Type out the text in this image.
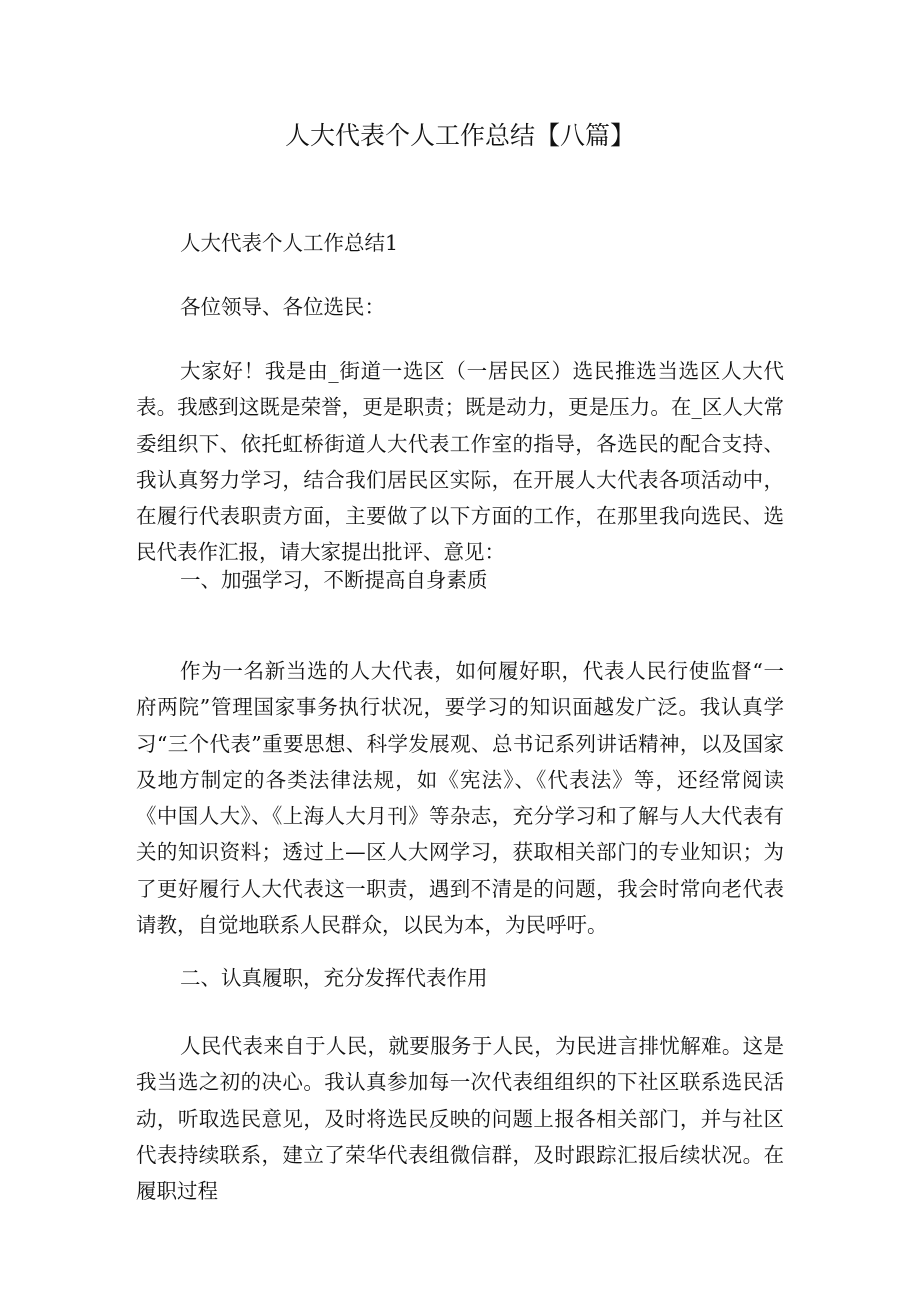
人大代表个人工作总结【八篇】

人大代表个人工作总结1

各位领导、各位选民：

大家好！我是由_街道一选区（一居民区）选民推选当选区人大代表。我感到这既是荣誉，更是职责；既是动力，更是压力。在_区人大常委组织下、依托虹桥街道人大代表工作室的指导，各选民的配合支持、我认真努力学习，结合我们居民区实际，在开展人大代表各项活动中，在履行代表职责方面，主要做了以下方面的工作，在那里我向选民、选民代表作汇报，请大家提出批评、意见：

一、加强学习，不断提高自身素质

作为一名新当选的人大代表，如何履好职，代表人民行使监督“一府两院”管理国家事务执行状况，要学习的知识面越发广泛。我认真学习“三个代表”重要思想、科学发展观、总书记系列讲话精神，以及国家及地方制定的各类法律法规，如《宪法》、《代表法》等，还经常阅读《中国人大》、《上海人大月刊》等杂志，充分学习和了解与人大代表有关的知识资料；透过上—区人大网学习，获取相关部门的专业知识；为了更好履行人大代表这一职责，遇到不清是的问题，我会时常向老代表请教，自觉地联系人民群众，以民为本，为民呼吁。

二、认真履职，充分发挥代表作用

人民代表来自于人民，就要服务于人民，为民进言排忧解难。这是我当选之初的决心。我认真参加每一次代表组组织的下社区联系选民活动，听取选民意见，及时将选民反映的问题上报各相关部门，并与社区代表持续联系，建立了荣华代表组微信群，及时跟踪汇报后续状况。在履职过程
